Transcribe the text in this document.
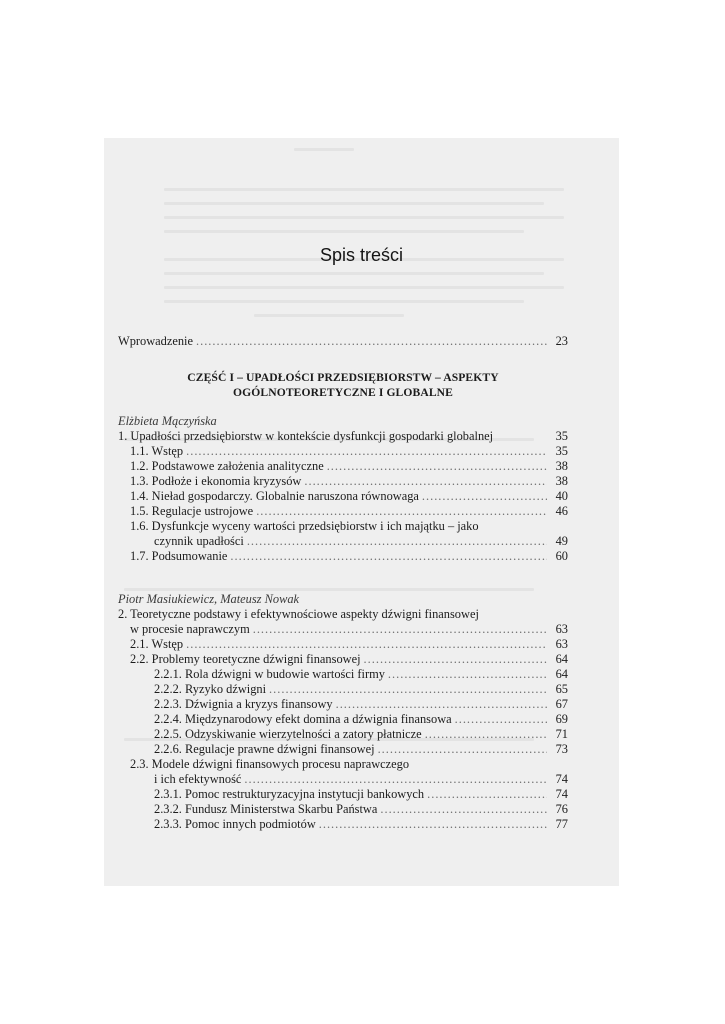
Spis treści
Wprowadzenie .....	23
CZĘŚĆ I – UPADŁOŚCI PRZEDSIĘBIORSTW – ASPEKTY
OGÓLNOTEORETYCZNE I GLOBALNE
Elżbieta Mączyńska
1. Upadłości przedsiębiorstw w kontekście dysfunkcji gospodarki globalnej	35
1.1. Wstęp .....	35
1.2. Podstawowe założenia analityczne .....	38
1.3. Podłoże i ekonomia kryzysów .....	38
1.4. Nieład gospodarczy. Globalnie naruszona równowaga .....	40
1.5. Regulacje ustrojowe .....	46
1.6. Dysfunkcje wyceny wartości przedsiębiorstw i ich majątku – jako
czynnik upadłości .....	49
1.7. Podsumowanie .....	60
Piotr Masiukiewicz, Mateusz Nowak
2. Teoretyczne podstawy i efektywnościowe aspekty dźwigni finansowej
w procesie naprawczym .....	63
2.1. Wstęp .....	63
2.2. Problemy teoretyczne dźwigni finansowej .....	64
2.2.1. Rola dźwigni w budowie wartości firmy .....	64
2.2.2. Ryzyko dźwigni .....	65
2.2.3. Dźwignia a kryzys finansowy .....	67
2.2.4. Międzynarodowy efekt domina a dźwignia finansowa .....	69
2.2.5. Odzyskiwanie wierzytelności a zatory płatnicze .....	71
2.2.6. Regulacje prawne dźwigni finansowej .....	73
2.3. Modele dźwigni finansowych procesu naprawczego
i ich efektywność .....	74
2.3.1. Pomoc restrukturyzacyjna instytucji bankowych .....	74
2.3.2. Fundusz Ministerstwa Skarbu Państwa .....	76
2.3.3. Pomoc innych podmiotów .....	77
